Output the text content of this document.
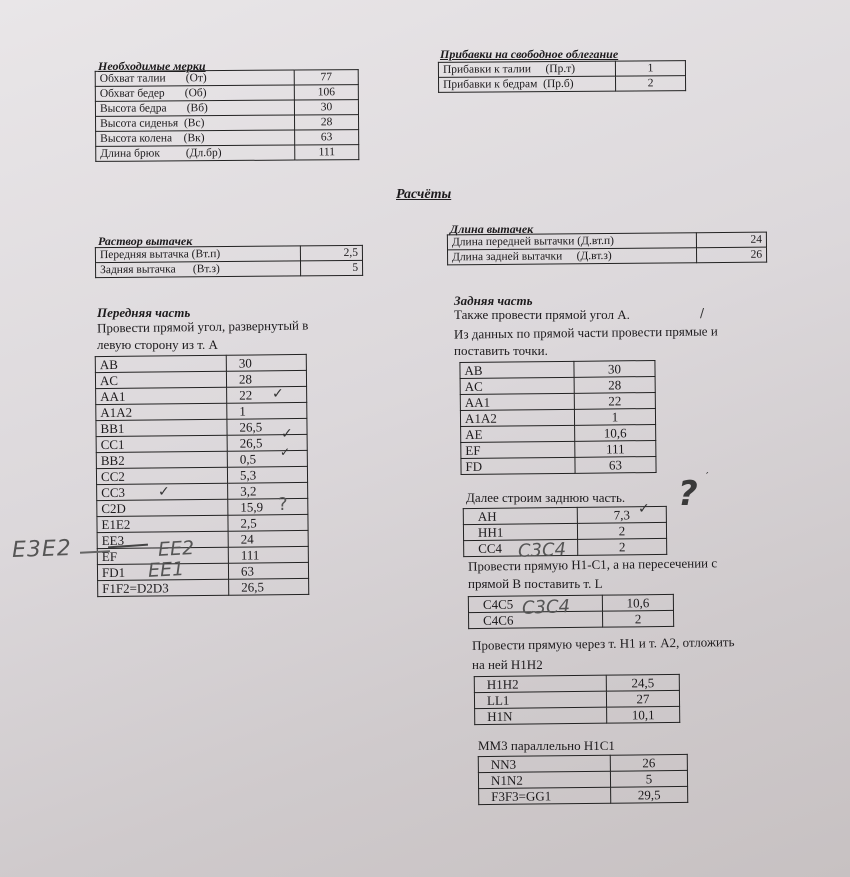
Необходимые мерки
Обхват талии (От)	77
Обхват бедер (Об)	106
Высота бедра (Вб)	30
Высота сиденья (Вс)	28
Высота колена (Вк)	63
Длина брюк (Дл.бр)	111
Прибавки на свободное облегание
Прибавки к талии (Пр.т)	1
Прибавки к бедрам (Пр.б)	2
Расчёты
Раствор вытачек
Передняя вытачка (Вт.п)	2,5
Задняя вытачка (Вт.з)	5
Длина вытачек
Длина передней вытачки (Д.вт.п)	24
Длина задней вытачки (Д.вт.з)	26
Передняя часть
Провести прямой угол, развернутый в
левую сторону из т. А
AB	30
AC	28
AA1	22
A1A2	1
BB1	26,5
CC1	26,5
BB2	0,5
CC2	5,3
CC3	3,2
C2D	15,9
E1E2	2,5
EE3	24
EF	111
FD1	63
F1F2=D2D3	26,5
E3E2	EE2
EE1
✓
✓
✓
✓
?
Задняя часть
Также провести прямой угол А.
Из данных по прямой части провести прямые и
поставить точки.
/
AB	30
AC	28
AA1	22
A1A2	1
AE	10,6
EF	111
FD	63
Далее строим заднюю часть. ? ′
AH	7,3
HH1	2
CC4	2
✓
C3C4
Провести прямую H1-C1, а на пересечении с
прямой В поставить т. L
C4C5	10,6
C4C6	2
C3C4
Провести прямую через т. H1 и т. A2, отложить
на ней H1H2
H1H2	24,5
LL1	27
H1N	10,1
MM3 параллельно H1C1
NN3	26
N1N2	5
F3F3=GG1	29,5
